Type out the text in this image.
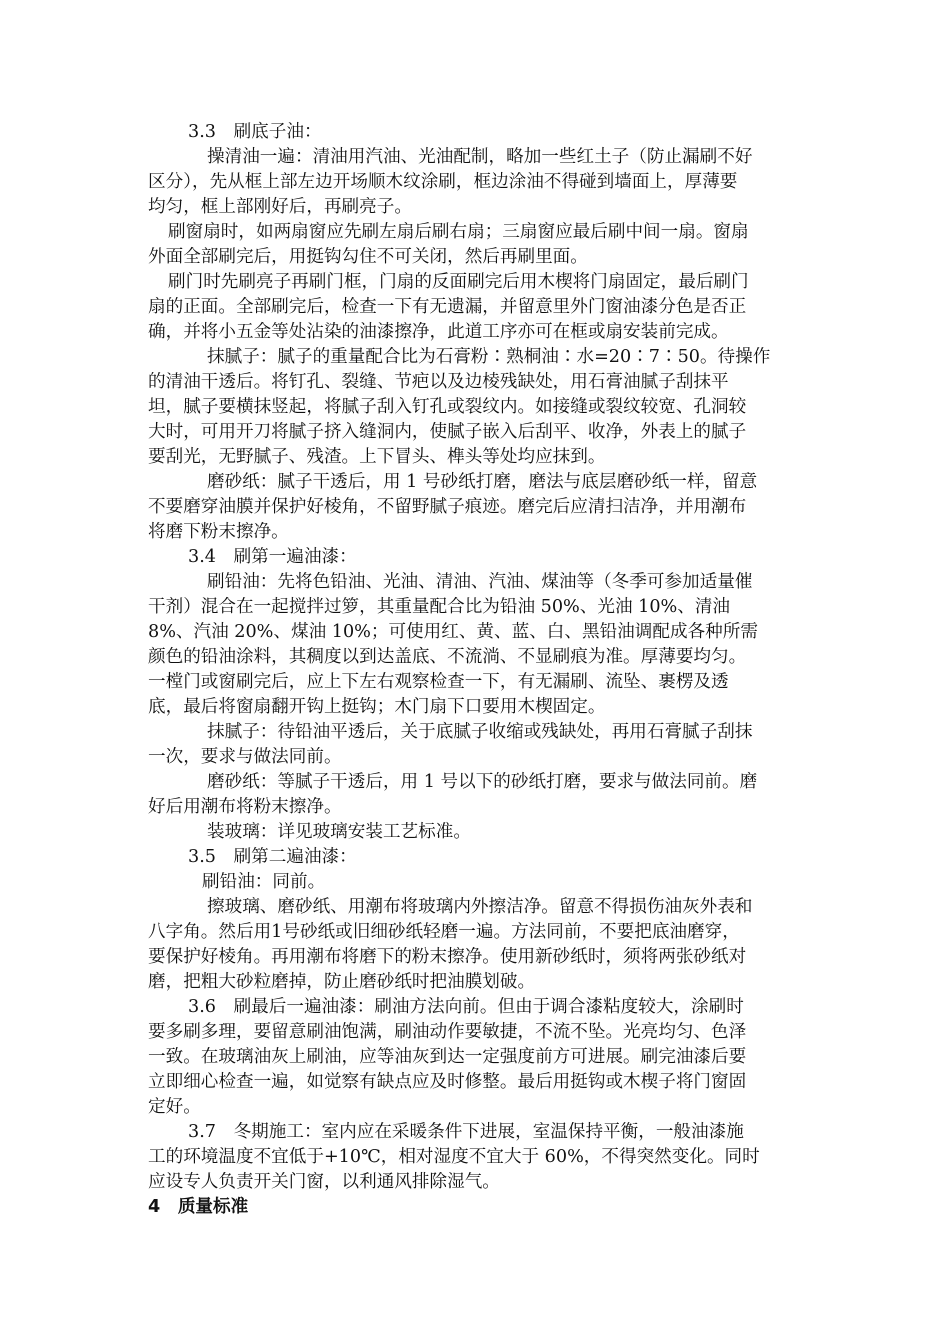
3.3　刷底子油：

操清油一遍：清油用汽油、光油配制，略加一些红土子（防止漏刷不好

区分），先从框上部左边开场顺木纹涂刷，框边涂油不得碰到墙面上，厚薄要

均匀，框上部刚好后，再刷亮子。

刷窗扇时，如两扇窗应先刷左扇后刷右扇；三扇窗应最后刷中间一扇。窗扇

外面全部刷完后，用挺钩勾住不可关闭，然后再刷里面。

刷门时先刷亮子再刷门框，门扇的反面刷完后用木楔将门扇固定，最后刷门

扇的正面。全部刷完后，检查一下有无遗漏，并留意里外门窗油漆分色是否正

确，并将小五金等处沾染的油漆擦净，此道工序亦可在框或扇安装前完成。

抹腻子：腻子的重量配合比为石膏粉∶熟桐油∶水=20∶7∶50。待操作

的清油干透后。将钉孔、裂缝、节疤以及边棱残缺处，用石膏油腻子刮抹平

坦，腻子要横抹竖起，将腻子刮入钉孔或裂纹内。如接缝或裂纹较宽、孔洞较

大时，可用开刀将腻子挤入缝洞内，使腻子嵌入后刮平、收净，外表上的腻子

要刮光，无野腻子、残渣。上下冒头、榫头等处均应抹到。

磨砂纸：腻子干透后，用 1 号砂纸打磨，磨法与底层磨砂纸一样，留意

不要磨穿油膜并保护好棱角，不留野腻子痕迹。磨完后应清扫洁净，并用潮布

将磨下粉末擦净。

3.4　刷第一遍油漆：

刷铅油：先将色铅油、光油、清油、汽油、煤油等（冬季可参加适量催

干剂）混合在一起搅拌过箩，其重量配合比为铅油 50%、光油 10%、清油

8%、汽油 20%、煤油 10%；可使用红、黄、蓝、白、黑铅油调配成各种所需

颜色的铅油涂料，其稠度以到达盖底、不流淌、不显刷痕为准。厚薄要均匀。

一樘门或窗刷完后，应上下左右观察检查一下，有无漏刷、流坠、裹楞及透

底，最后将窗扇翻开钩上挺钩；木门扇下口要用木楔固定。

抹腻子：待铅油平透后，关于底腻子收缩或残缺处，再用石膏腻子刮抹

一次，要求与做法同前。

磨砂纸：等腻子干透后，用 1 号以下的砂纸打磨，要求与做法同前。磨

好后用潮布将粉末擦净。

装玻璃：详见玻璃安装工艺标准。

3.5　刷第二遍油漆：

刷铅油：同前。

擦玻璃、磨砂纸、用潮布将玻璃内外擦洁净。留意不得损伤油灰外表和

八字角。然后用1号砂纸或旧细砂纸轻磨一遍。方法同前，不要把底油磨穿，

要保护好棱角。再用潮布将磨下的粉末擦净。使用新砂纸时，须将两张砂纸对

磨，把粗大砂粒磨掉，防止磨砂纸时把油膜划破。

3.6　刷最后一遍油漆：刷油方法向前。但由于调合漆粘度较大，涂刷时

要多刷多理，要留意刷油饱满，刷油动作要敏捷，不流不坠。光亮均匀、色泽

一致。在玻璃油灰上刷油，应等油灰到达一定强度前方可进展。刷完油漆后要

立即细心检查一遍，如觉察有缺点应及时修整。最后用挺钩或木楔子将门窗固

定好。

3.7　冬期施工：室内应在采暖条件下进展，室温保持平衡，一般油漆施

工的环境温度不宜低于+10℃，相对湿度不宜大于 60%，不得突然变化。同时

应设专人负责开关门窗，以利通风排除湿气。

4　质量标准
